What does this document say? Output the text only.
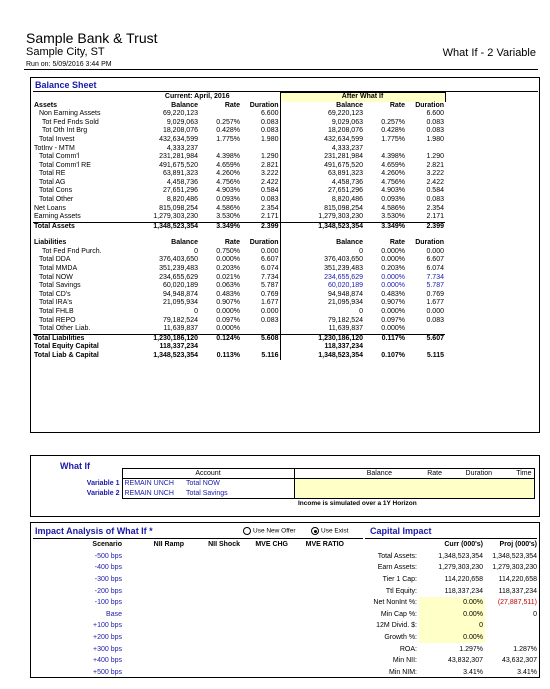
Sample Bank & Trust
Sample City, ST	What If - 2 Variable
Run on: 5/09/2016 3:44 PM
Balance Sheet
	Current: April, 2016			After What If		
Assets	Balance	Rate	Duration	Balance	Rate	Duration
Non Earning Assets	69,220,123		6.600	69,220,123		6.600
Tot Fed Fnds Sold	9,029,063	0.257%	0.083	9,029,063	0.257%	0.083
Tot Oth Int Brg	18,208,076	0.428%	0.083	18,208,076	0.428%	0.083
Total Invest	432,634,599	1.775%	1.980	432,634,599	1.775%	1.980
TotInv - MTM	4,333,237			4,333,237		
Total Comm'l	231,281,984	4.398%	1.290	231,281,984	4.398%	1.290
Total Comm'l RE	491,675,520	4.659%	2.821	491,675,520	4.659%	2.821
Total RE	63,891,323	4.260%	3.222	63,891,323	4.260%	3.222
Total AG	4,458,736	4.756%	2.422	4,458,736	4.756%	2.422
Total Cons	27,651,296	4.903%	0.584	27,651,296	4.903%	0.584
Total Other	8,820,486	0.093%	0.083	8,820,486	0.093%	0.083
Net Loans	815,098,254	4.586%	2.354	815,098,254	4.586%	2.354
Earning Assets	1,279,303,230	3.530%	2.171	1,279,303,230	3.530%	2.171
Total Assets	1,348,523,354	3.349%	2.399	1,348,523,354	3.349%	2.399

Liabilities	Balance	Rate	Duration	Balance	Rate	Duration
Tot Fed Fnd Purch.	0	0.750%	0.000	0	0.000%	0.000
Total DDA	376,403,650	0.000%	6.607	376,403,650	0.000%	6.607
Total MMDA	351,239,483	0.203%	6.074	351,239,483	0.203%	6.074
Total NOW	234,655,629	0.021%	7.734	234,655,629	0.000%	7.734
Total Savings	60,020,189	0.063%	5.787	60,020,189	0.000%	5.787
Total CD's	94,948,874	0.483%	0.769	94,948,874	0.483%	0.769
Total IRA's	21,095,934	0.907%	1.677	21,095,934	0.907%	1.677
Total FHLB	0	0.000%	0.000	0	0.000%	0.000
Total REPO	79,182,524	0.097%	0.083	79,182,524	0.097%	0.083
Total Other Liab.	11,639,837	0.000%		11,639,837	0.000%	
Total Liabilities	1,230,186,120	0.124%	5.608	1,230,186,120	0.117%	5.607
Total Equity Capital	118,337,234			118,337,234		
Total Liab & Capital	1,348,523,354	0.113%	5.116	1,348,523,354	0.107%	5.115
What If
	Account		Balance	Rate	Duration	Time
Variable 1	REMAIN UNCH	Total NOW				
Variable 2	REMAIN UNCH	Total Savings				
Income is simulated over a 1Y Horizon
Impact Analysis of What If *	Use New Offer	Use Exist Capital Impact
Scenario	NII Ramp	NII Shock	MVE CHG	MVE RATIO
-500 bps				
-400 bps				
-300 bps				
-200 bps				
-100 bps				
Base				
+100 bps				
+200 bps				
+300 bps				
+400 bps				
+500 bps				
	Curr (000's)	Proj (000's)
Total Assets:	1,348,523,354	1,348,523,354
Earn Assets:	1,279,303,230	1,279,303,230
Tier 1 Cap:	114,220,658	114,220,658
Ttl Equity:	118,337,234	118,337,234
Net NonInt %:	0.00%	(27,887,511)
Min Cap %:	0.00%	0
12M Divid. $:	0	
Growth %:	0.00%	
ROA:	1.297%	1.287%
Min NII:	43,832,307	43,632,307
Min NIM:	3.41%	3.41%
